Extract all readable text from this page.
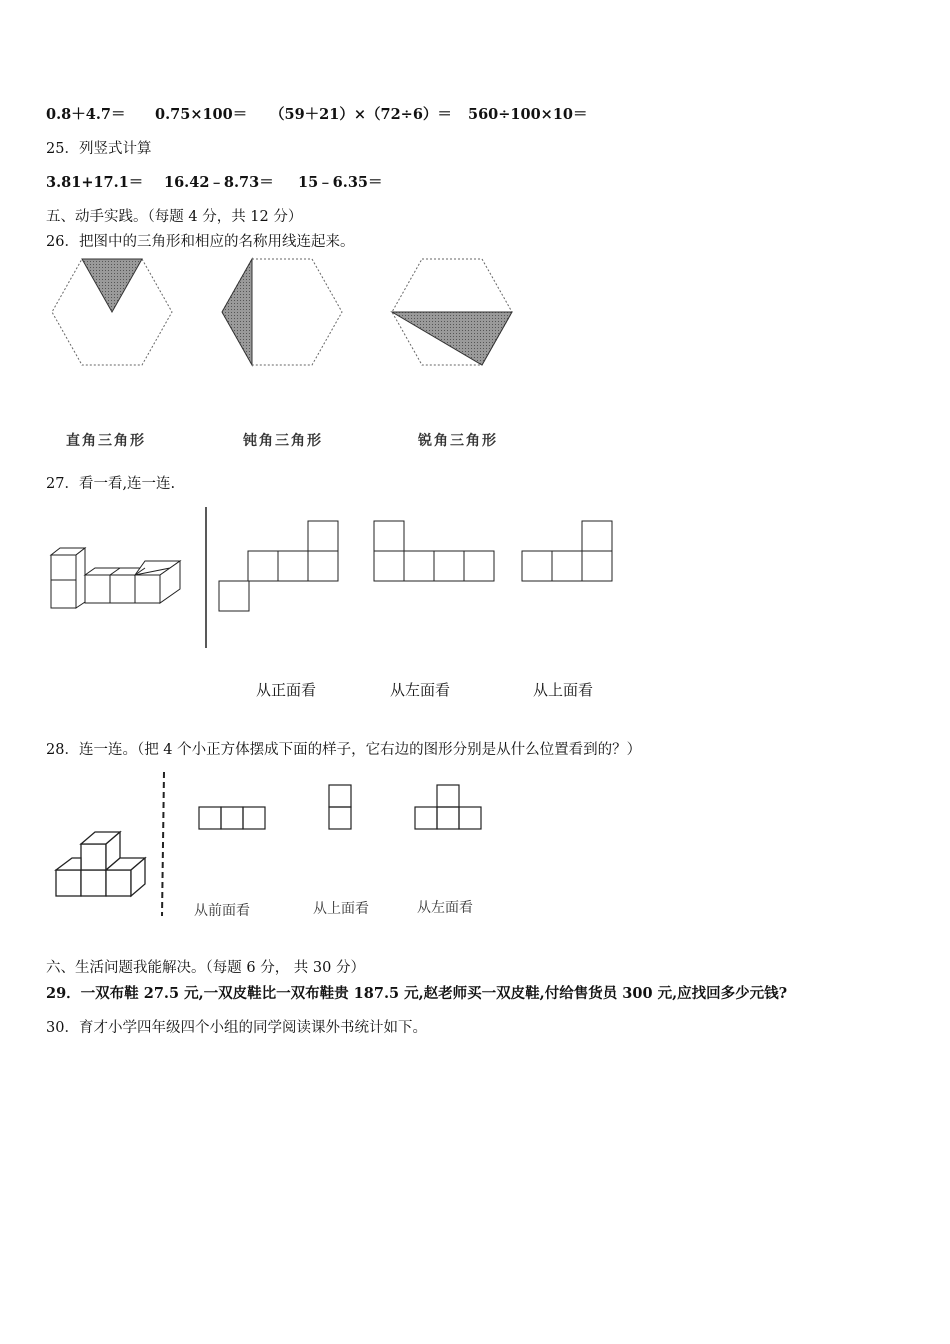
0.8＋4.7＝ 0.75×100＝ （59＋21）×（72÷6）＝ 560÷100×10＝
25．列竖式计算
3.81+17.1＝ 16.42﹣8.73＝ 15﹣6.35＝
五、动手实践。（每题 4 分，共 12 分）
26．把图中的三角形和相应的名称用线连起来。
直角三角形	钝角三角形	锐角三角形
27．看一看,连一连.
从正面看	从左面看	从上面看
28．连一连。（把 4 个小正方体摆成下面的样子，它右边的图形分别是从什么位置看到的？）
从前面看	从上面看	从左面看
六、生活问题我能解决。（每题 6 分， 共 30 分）
29．一双布鞋 27.5 元,一双皮鞋比一双布鞋贵 187.5 元,赵老师买一双皮鞋,付给售货员 300 元,应找回多少元钱?
30．育才小学四年级四个小组的同学阅读课外书统计如下。
